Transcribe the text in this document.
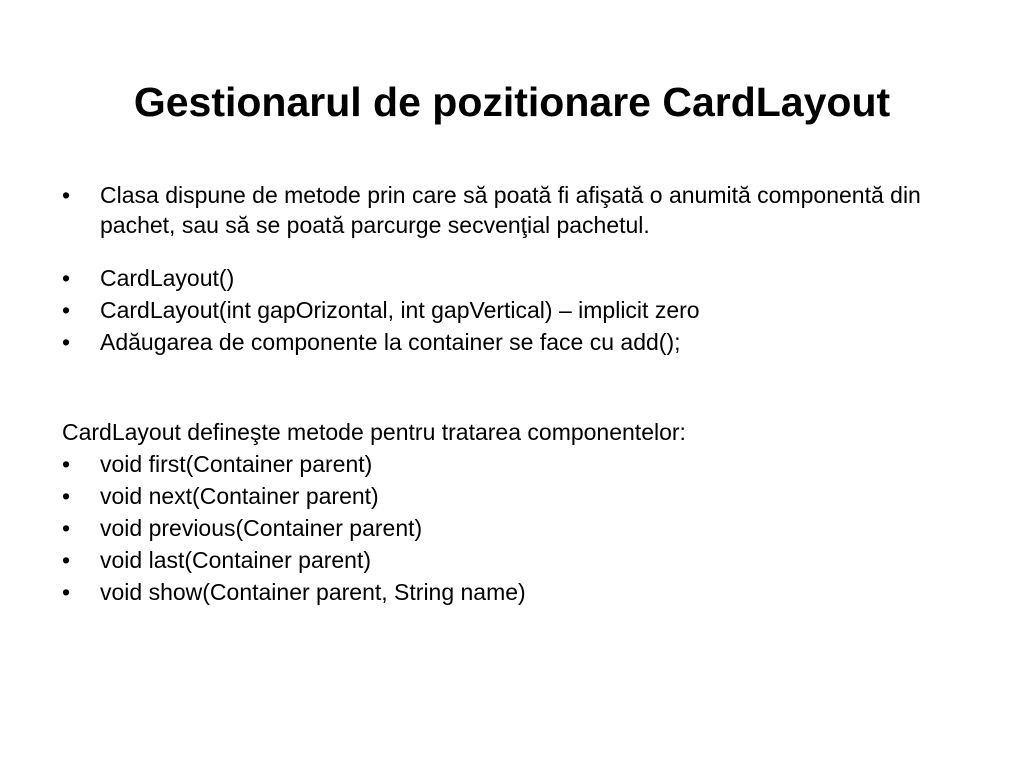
Gestionarul de pozitionare CardLayout
•	Clasa dispune de metode prin care să poată fi afişată o anumită componentă din pachet, sau să se poată parcurge secvenţial pachetul.
•	CardLayout()
•	CardLayout(int gapOrizontal, int gapVertical) – implicit zero
•	Adăugarea de componente la container se face cu add();

CardLayout defineşte metode pentru tratarea componentelor:

•	void first(Container parent)
•	void next(Container parent)
•	void previous(Container parent)
•	void last(Container parent)
•	void show(Container parent, String name)
